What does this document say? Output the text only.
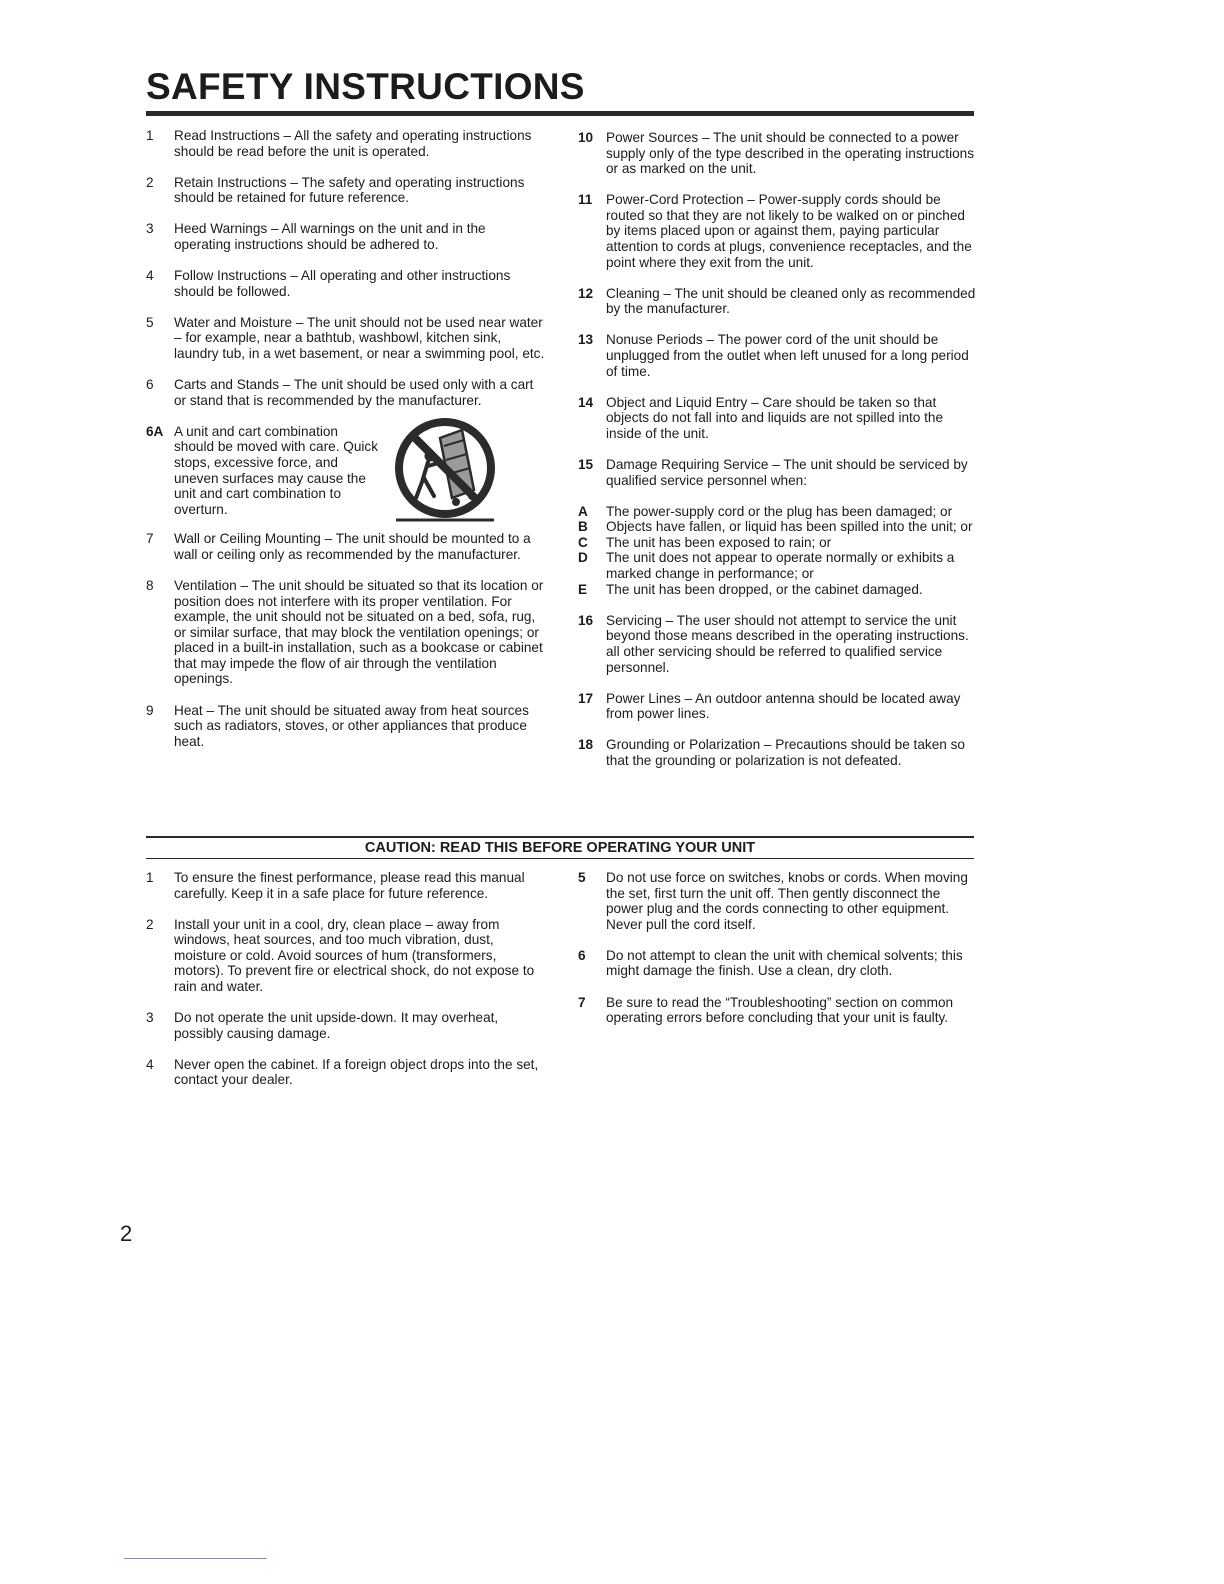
SAFETY INSTRUCTIONS
1 Read Instructions – All the safety and operating instructions should be read before the unit is operated.
2 Retain Instructions – The safety and operating instructions should be retained for future reference.
3 Heed Warnings – All warnings on the unit and in the operating instructions should be adhered to.
4 Follow Instructions – All operating and other instructions should be followed.
5 Water and Moisture – The unit should not be used near water – for example, near a bathtub, washbowl, kitchen sink, laundry tub, in a wet basement, or near a swimming pool, etc.
6 Carts and Stands – The unit should be used only with a cart or stand that is recommended by the manufacturer.
6A A unit and cart combination should be moved with care. Quick stops, excessive force, and uneven surfaces may cause the unit and cart combination to overturn.
7 Wall or Ceiling Mounting – The unit should be mounted to a wall or ceiling only as recommended by the manufacturer.
8 Ventilation – The unit should be situated so that its location or position does not interfere with its proper ventilation. For example, the unit should not be situated on a bed, sofa, rug, or similar surface, that may block the ventilation openings; or placed in a built-in installation, such as a bookcase or cabinet that may impede the flow of air through the ventilation openings.
9 Heat – The unit should be situated away from heat sources such as radiators, stoves, or other appliances that produce heat.
10 Power Sources – The unit should be connected to a power supply only of the type described in the operating instructions or as marked on the unit.
11 Power-Cord Protection – Power-supply cords should be routed so that they are not likely to be walked on or pinched by items placed upon or against them, paying particular attention to cords at plugs, convenience receptacles, and the point where they exit from the unit.
12 Cleaning – The unit should be cleaned only as recommended by the manufacturer.
13 Nonuse Periods – The power cord of the unit should be unplugged from the outlet when left unused for a long period of time.
14 Object and Liquid Entry – Care should be taken so that objects do not fall into and liquids are not spilled into the inside of the unit.
15 Damage Requiring Service – The unit should be serviced by qualified service personnel when:
A The power-supply cord or the plug has been damaged; or
B Objects have fallen, or liquid has been spilled into the unit; or
C The unit has been exposed to rain; or
D The unit does not appear to operate normally or exhibits a marked change in performance; or
E The unit has been dropped, or the cabinet damaged.
16 Servicing – The user should not attempt to service the unit beyond those means described in the operating instructions. all other servicing should be referred to qualified service personnel.
17 Power Lines – An outdoor antenna should be located away from power lines.
18 Grounding or Polarization – Precautions should be taken so that the grounding or polarization is not defeated.
CAUTION: READ THIS BEFORE OPERATING YOUR UNIT
1 To ensure the finest performance, please read this manual carefully. Keep it in a safe place for future reference.
2 Install your unit in a cool, dry, clean place – away from windows, heat sources, and too much vibration, dust, moisture or cold. Avoid sources of hum (transformers, motors). To prevent fire or electrical shock, do not expose to rain and water.
3 Do not operate the unit upside-down. It may overheat, possibly causing damage.
4 Never open the cabinet. If a foreign object drops into the set, contact your dealer.
5 Do not use force on switches, knobs or cords. When moving the set, first turn the unit off. Then gently disconnect the power plug and the cords connecting to other equipment. Never pull the cord itself.
6 Do not attempt to clean the unit with chemical solvents; this might damage the finish. Use a clean, dry cloth.
7 Be sure to read the “Troubleshooting” section on common operating errors before concluding that your unit is faulty.
2
